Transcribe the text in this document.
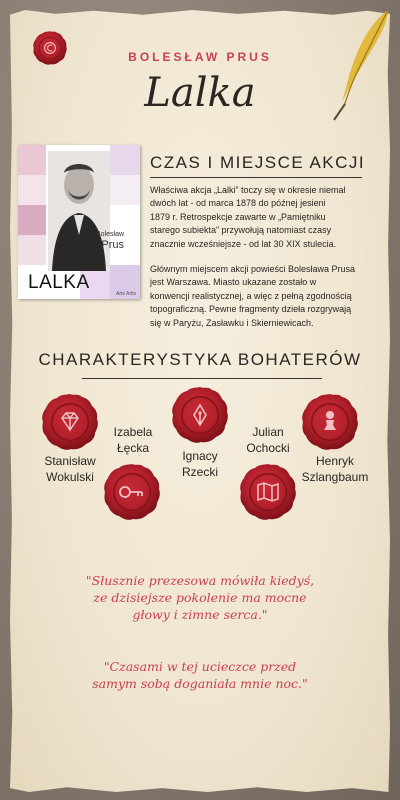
BOLESŁAW PRUS
Lalka
Bolesław
Prus
LALKA
Arts Artis
CZAS I MIEJSCE AKCJI
Właściwa akcja „Lalki” toczy się w okresie niemal
dwóch lat - od marca 1878 do późnej jesieni
1879 r. Retrospekcje zawarte w „Pamiętniku
starego subiekta” przywołują natomiast czasy
znacznie wcześniejsze - od lat 30 XIX stulecia.
Głównym miejscem akcji powieści Bolesława Prusa
jest Warszawa. Miasto ukazane zostało w
konwencji realistycznej, a więc z pełną zgodnością
topograficzną. Pewne fragmenty dzieła rozgrywają
się w Paryżu, Zasławku i Skierniewicach.
CHARAKTERYSTYKA BOHATERÓW
Stanisław
Wokulski
Izabela
Łęcka
Ignacy
Rzecki
Julian
Ochocki
Henryk
Szlangbaum
"Słusznie prezesowa mówiła kiedyś,
ze dzisiejsze pokolenie ma mocne
głowy i zimne serca."
"Czasami w tej ucieczce przed
samym sobą doganiała mnie noc."
